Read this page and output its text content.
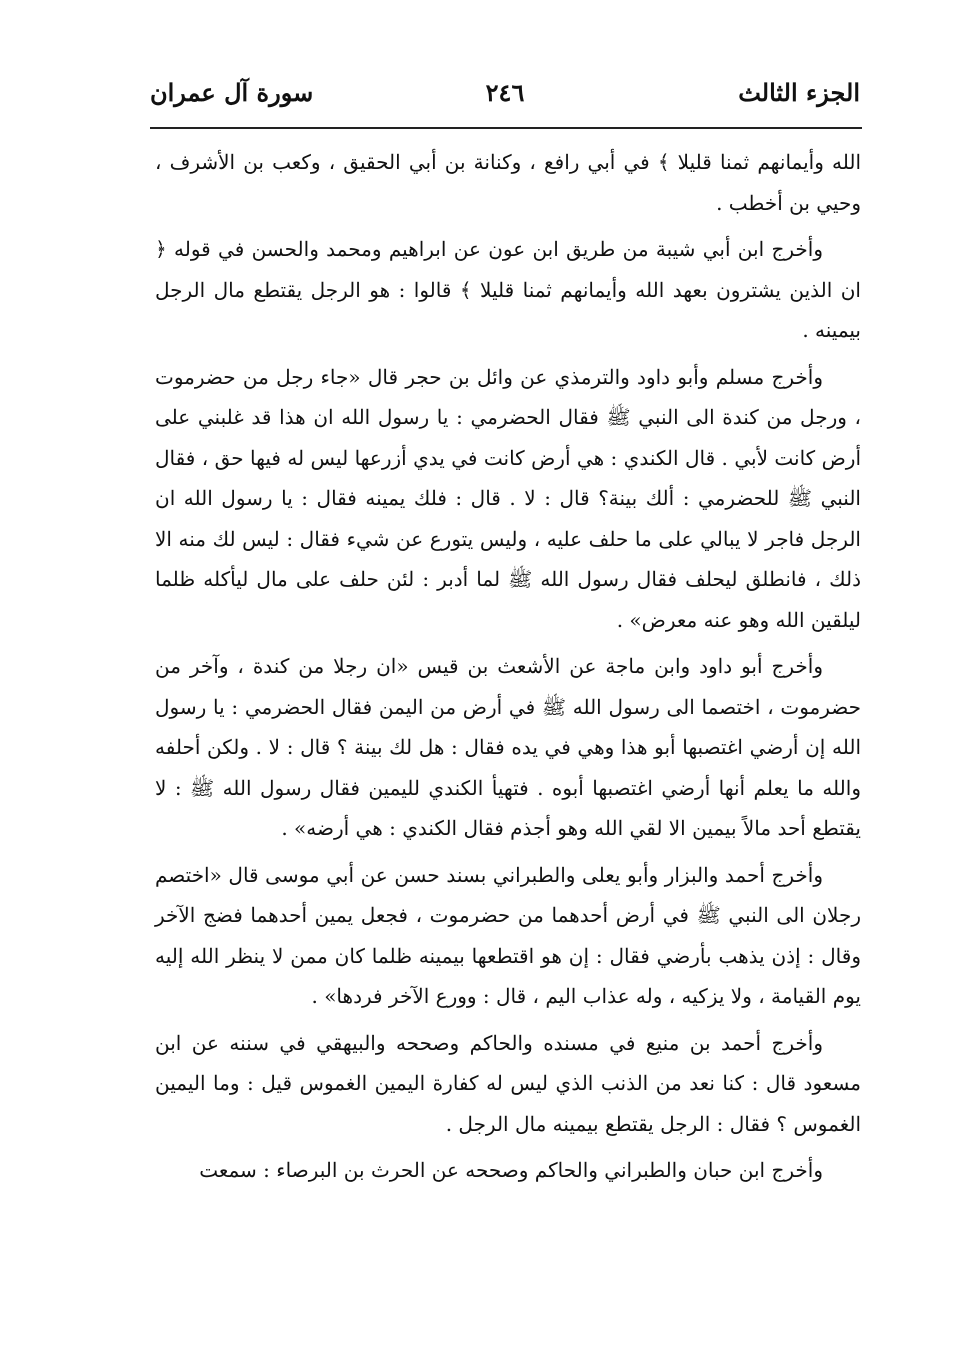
الجزء الثالث
٢٤٦
سورة آل عمران

الله وأيمانهم ثمنا قليلا ﴾ في أبي رافع ، وكنانة بن أبي الحقيق ، وكعب بن الأشرف ، وحيي بن أخطب .

وأخرج ابن أبي شيبة من طريق ابن عون عن ابراهيم ومحمد والحسن في قوله ﴿ ان الذين يشترون بعهد الله وأيمانهم ثمنا قليلا ﴾ قالوا : هو الرجل يقتطع مال الرجل بيمينه .

وأخرج مسلم وأبو داود والترمذي عن وائل بن حجر قال «جاء رجل من حضرموت ، ورجل من كندة الى النبي ﷺ فقال الحضرمي : يا رسول الله ان هذا قد غلبني على أرض كانت لأبي . قال الكندي : هي أرض كانت في يدي أزرعها ليس له فيها حق ، فقال النبي ﷺ للحضرمي : ألك بينة؟ قال : لا . قال : فلك يمينه فقال : يا رسول الله ان الرجل فاجر لا يبالي على ما حلف عليه ، وليس يتورع عن شيء فقال : ليس لك منه الا ذلك ، فانطلق ليحلف فقال رسول الله ﷺ لما أدبر : لئن حلف على مال ليأكله ظلما ليلقين الله وهو عنه معرض» .

وأخرج أبو داود وابن ماجة عن الأشعث بن قيس «ان رجلا من كندة ، وآخر من حضرموت ، اختصما الى رسول الله ﷺ في أرض من اليمن فقال الحضرمي : يا رسول الله إن أرضي اغتصبها أبو هذا وهي في يده فقال : هل لك بينة ؟ قال : لا . ولكن أحلفه والله ما يعلم أنها أرضي اغتصبها أبوه . فتهيأ الكندي لليمين فقال رسول الله ﷺ : لا يقتطع أحد مالاً بيمين الا لقي الله وهو أجذم فقال الكندي : هي أرضه» .

وأخرج أحمد والبزار وأبو يعلى والطبراني بسند حسن عن أبي موسى قال «اختصم رجلان الى النبي ﷺ في أرض أحدهما من حضرموت ، فجعل يمين أحدهما فضج الآخر وقال : إذن يذهب بأرضي فقال : إن هو اقتطعها بيمينه ظلما كان ممن لا ينظر الله إليه يوم القيامة ، ولا يزكيه ، وله عذاب اليم ، قال : وورع الآخر فردها» .

وأخرج أحمد بن منيع في مسنده والحاكم وصححه والبيهقي في سننه عن ابن مسعود قال : كنا نعد من الذنب الذي ليس له كفارة اليمين الغموس قيل : وما اليمين الغموس ؟ فقال : الرجل يقتطع بيمينه مال الرجل .

وأخرج ابن حبان والطبراني والحاكم وصححه عن الحرث بن البرصاء : سمعت
